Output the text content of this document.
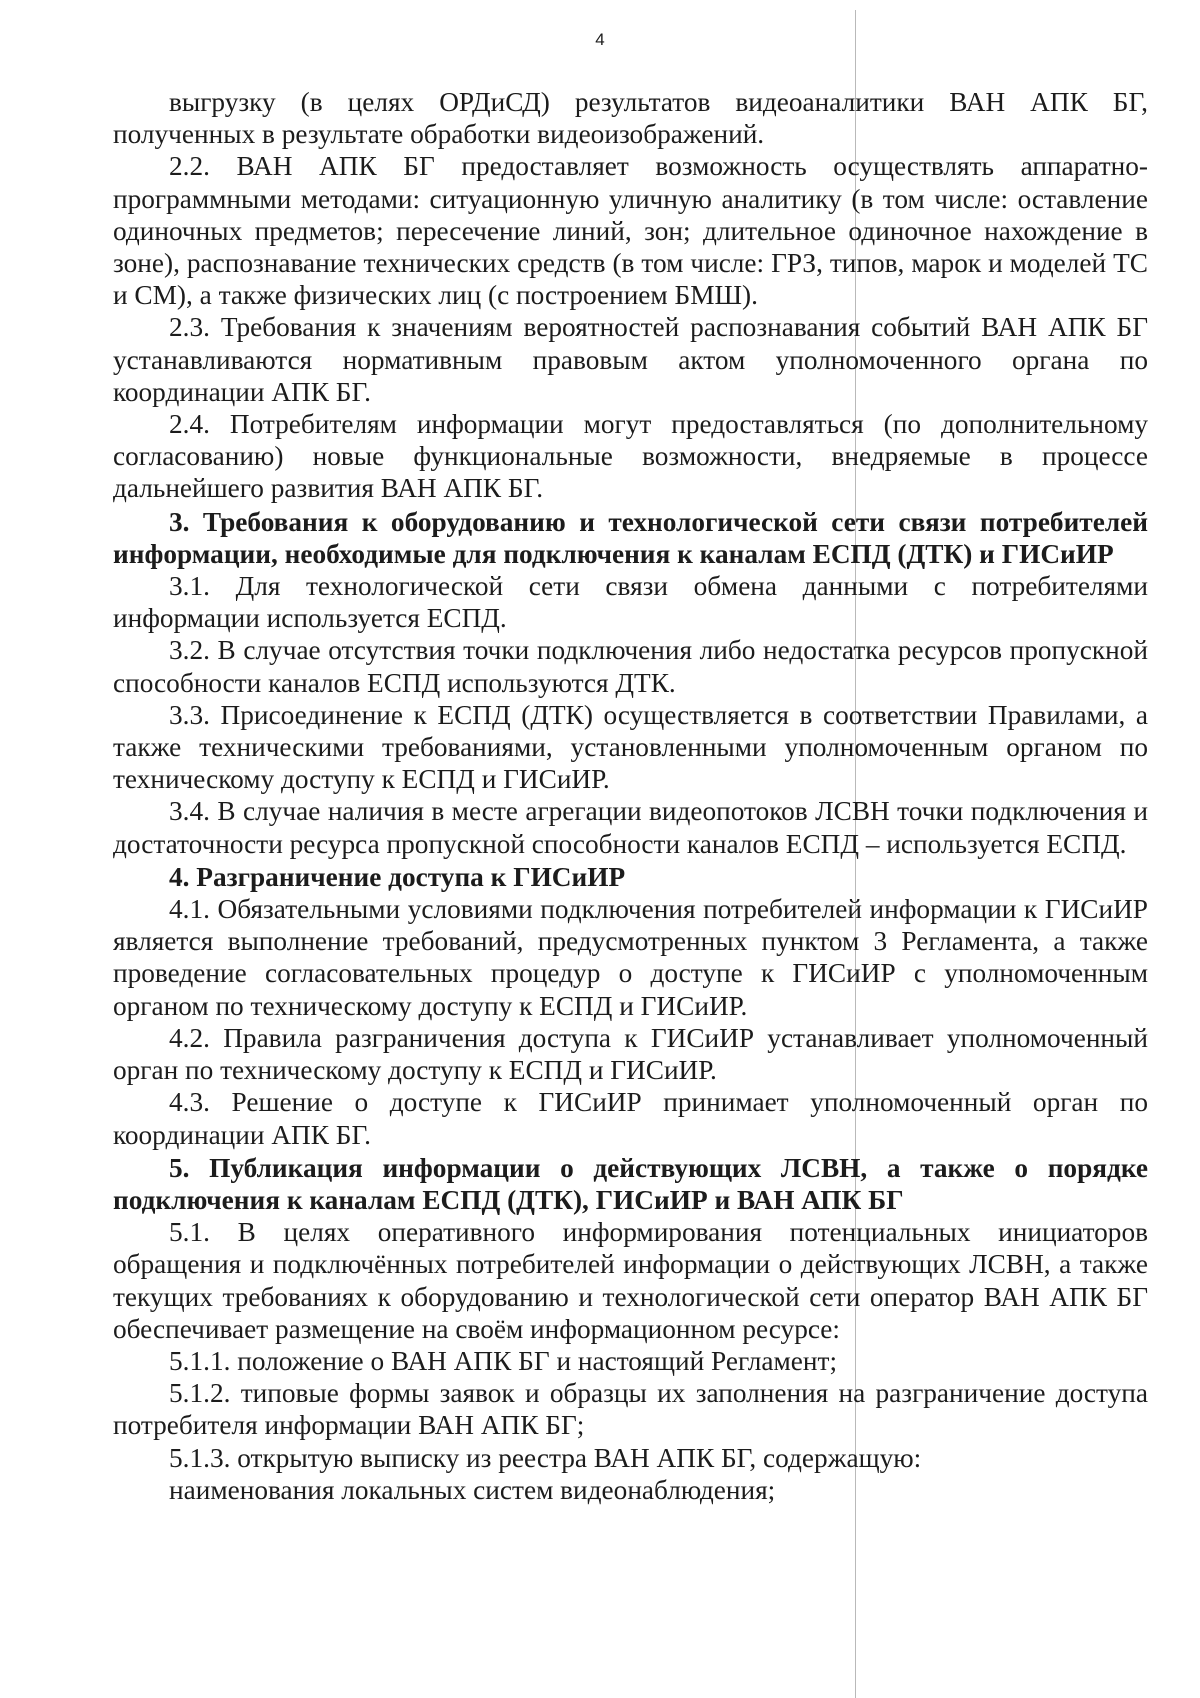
4

выгрузку (в целях ОРДиСД) результатов видеоаналитики ВАН АПК БГ, полученных в результате обработки видеоизображений.

2.2. ВАН АПК БГ предоставляет возможность осуществлять аппаратно-программными методами: ситуационную уличную аналитику (в том числе: оставление одиночных предметов; пересечение линий, зон; длительное одиночное нахождение в зоне), распознавание технических средств (в том числе: ГРЗ, типов, марок и моделей ТС и СМ), а также физических лиц (с построением БМШ).

2.3. Требования к значениям вероятностей распознавания событий ВАН АПК БГ устанавливаются нормативным правовым актом уполномоченного органа по координации АПК БГ.

2.4. Потребителям информации могут предоставляться (по дополнительному согласованию) новые функциональные возможности, внедряемые в процессе дальнейшего развития ВАН АПК БГ.

3. Требования к оборудованию и технологической сети связи потребителей информации, необходимые для подключения к каналам ЕСПД (ДТК) и ГИСиИР

3.1. Для технологической сети связи обмена данными с потребителями информации используется ЕСПД.

3.2. В случае отсутствия точки подключения либо недостатка ресурсов пропускной способности каналов ЕСПД используются ДТК.

3.3. Присоединение к ЕСПД (ДТК) осуществляется в соответствии Правилами, а также техническими требованиями, установленными уполномоченным органом по техническому доступу к ЕСПД и ГИСиИР.

3.4. В случае наличия в месте агрегации видеопотоков ЛСВН точки подключения и достаточности ресурса пропускной способности каналов ЕСПД – используется ЕСПД.

4. Разграничение доступа к ГИСиИР

4.1. Обязательными условиями подключения потребителей информации к ГИСиИР является выполнение требований, предусмотренных пунктом 3 Регламента, а также проведение согласовательных процедур о доступе к ГИСиИР с уполномоченным органом по техническому доступу к ЕСПД и ГИСиИР.

4.2. Правила разграничения доступа к ГИСиИР устанавливает уполномоченный орган по техническому доступу к ЕСПД и ГИСиИР.

4.3. Решение о доступе к ГИСиИР принимает уполномоченный орган по координации АПК БГ.

5. Публикация информации о действующих ЛСВН, а также о порядке подключения к каналам ЕСПД (ДТК), ГИСиИР и ВАН АПК БГ

5.1. В целях оперативного информирования потенциальных инициаторов обращения и подключённых потребителей информации о действующих ЛСВН, а также текущих требованиях к оборудованию и технологической сети оператор ВАН АПК БГ обеспечивает размещение на своём информационном ресурсе:

5.1.1. положение о ВАН АПК БГ и настоящий Регламент;

5.1.2. типовые формы заявок и образцы их заполнения на разграничение доступа потребителя информации ВАН АПК БГ;

5.1.3. открытую выписку из реестра ВАН АПК БГ, содержащую:

наименования локальных систем видеонаблюдения;
